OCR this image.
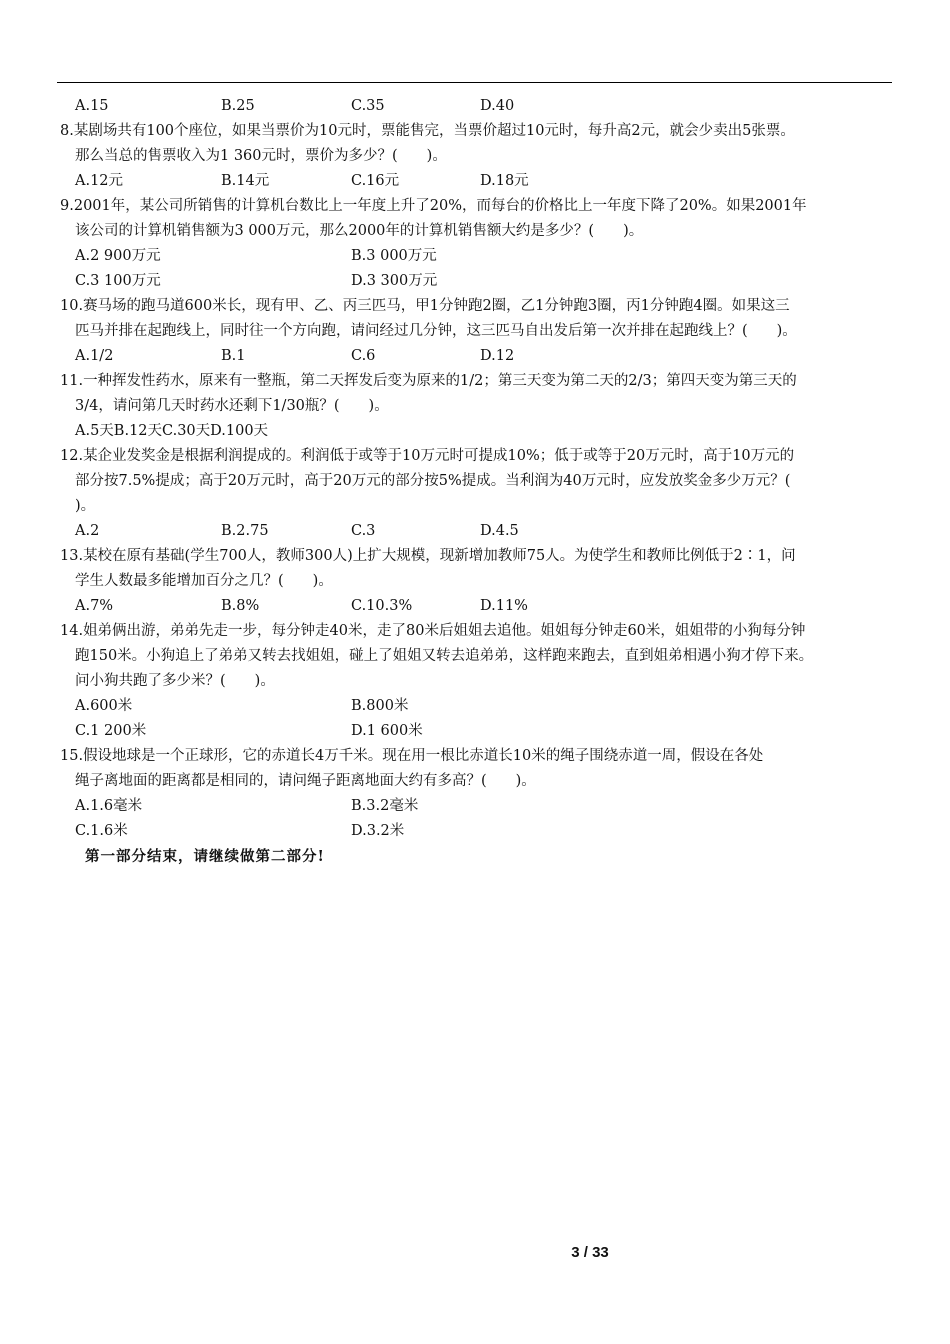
A.15	B.25	C.35	D.40
8.某剧场共有100个座位，如果当票价为10元时，票能售完，当票价超过10元时，每升高2元，就会少卖出5张票。
那么当总的售票收入为1 360元时，票价为多少？(　　)。
A.12元	B.14元	C.16元	D.18元
9.2001年，某公司所销售的计算机台数比上一年度上升了20%，而每台的价格比上一年度下降了20%。如果2001年
该公司的计算机销售额为3 000万元，那么2000年的计算机销售额大约是多少？(　　)。
A.2 900万元	B.3 000万元
C.3 100万元	D.3 300万元
10.赛马场的跑马道600米长，现有甲、乙、丙三匹马，甲1分钟跑2圈，乙1分钟跑3圈，丙1分钟跑4圈。如果这三
匹马并排在起跑线上，同时往一个方向跑，请问经过几分钟，这三匹马自出发后第一次并排在起跑线上？(　　)。
A.1/2	B.1	C.6	D.12
11.一种挥发性药水，原来有一整瓶，第二天挥发后变为原来的1/2；第三天变为第二天的2/3；第四天变为第三天的
3/4，请问第几天时药水还剩下1/30瓶？(　　)。
A.5天B.12天C.30天D.100天
12.某企业发奖金是根据利润提成的。利润低于或等于10万元时可提成10%；低于或等于20万元时，高于10万元的
部分按7.5%提成；高于20万元时，高于20万元的部分按5%提成。当利润为40万元时，应发放奖金多少万元？(
)。
A.2	B.2.75	C.3	D.4.5
13.某校在原有基础(学生700人，教师300人)上扩大规模，现新增加教师75人。为使学生和教师比例低于2∶1，问
学生人数最多能增加百分之几？(　　)。
A.7%	B.8%	C.10.3%	D.11%
14.姐弟俩出游，弟弟先走一步，每分钟走40米，走了80米后姐姐去追他。姐姐每分钟走60米，姐姐带的小狗每分钟
跑150米。小狗追上了弟弟又转去找姐姐，碰上了姐姐又转去追弟弟，这样跑来跑去，直到姐弟相遇小狗才停下来。
问小狗共跑了多少米？(　　)。
A.600米	B.800米
C.1 200米	D.1 600米
15.假设地球是一个正球形，它的赤道长4万千米。现在用一根比赤道长10米的绳子围绕赤道一周，假设在各处
绳子离地面的距离都是相同的，请问绳子距离地面大约有多高？(　　)。
A.1.6毫米	B.3.2毫米
C.1.6米	D.3.2米
第一部分结束，请继续做第二部分!
3 / 33
